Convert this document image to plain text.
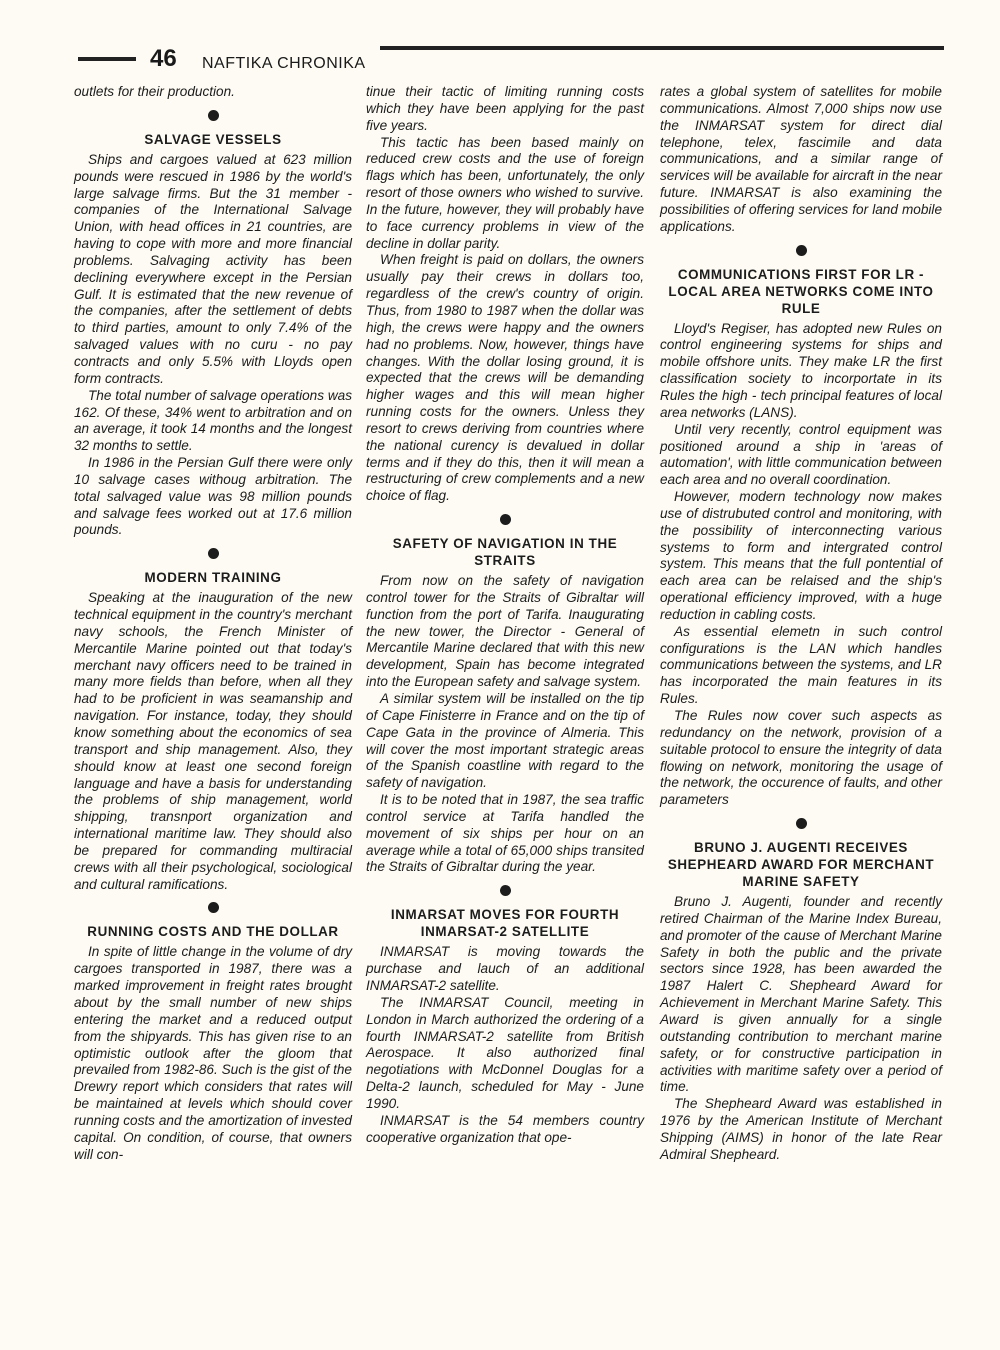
46 NAFTIKA CHRONIKA

outlets for their production.

SALVAGE VESSELS

Ships and cargoes valued at 623 million pounds were rescued in 1986 by the world's large salvage firms. But the 31 member - companies of the International Salvage Union, with head offices in 21 countries, are having to cope with more and more financial problems. Salvaging activity has been declining everywhere except in the Persian Gulf. It is estimated that the new revenue of the companies, after the settlement of debts to third parties, amount to only 7.4% of the salvaged values with no curu - no pay contracts and only 5.5% with Lloyds open form contracts.

The total number of salvage operations was 162. Of these, 34% went to arbitration and on an average, it took 14 months and the longest 32 months to settle.

In 1986 in the Persian Gulf there were only 10 salvage cases withoug arbitration. The total salvaged value was 98 million pounds and salvage fees worked out at 17.6 million pounds.

MODERN TRAINING

Speaking at the inauguration of the new technical equipment in the country's merchant navy schools, the French Minister of Mercantile Marine pointed out that today's merchant navy officers need to be trained in many more fields than before, when all they had to be proficient in was seamanship and navigation. For instance, today, they should know something about the economics of sea transport and ship management. Also, they should know at least one second foreign language and have a basis for understanding the problems of ship management, world shipping, transnport organization and international maritime law. They should also be prepared for commanding multiracial crews with all their psychological, sociological and cultural ramifications.

RUNNING COSTS AND THE DOLLAR

In spite of little change in the volume of dry cargoes transported in 1987, there was a marked improvement in freight rates brought about by the small number of new ships entering the market and a reduced output from the shipyards. This has given rise to an optimistic outlook after the gloom that prevailed from 1982-86. Such is the gist of the Drewry report which considers that rates will be maintained at levels which should cover running costs and the amortization of invested capital. On condition, of course, that owners will con-

tinue their tactic of limiting running costs which they have been applying for the past five years.

This tactic has been based mainly on reduced crew costs and the use of foreign flags which has been, unfortunately, the only resort of those owners who wished to survive. In the future, however, they will probably have to face currency problems in view of the decline in dollar parity.

When freight is paid on dollars, the owners usually pay their crews in dollars too, regardless of the crew's country of origin. Thus, from 1980 to 1987 when the dollar was high, the crews were happy and the owners had no problems. Now, however, things have changes. With the dollar losing ground, it is expected that the crews will be demanding higher wages and this will mean higher running costs for the owners. Unless they resort to crews deriving from countries where the national curency is devalued in dollar terms and if they do this, then it will mean a restructuring of crew complements and a new choice of flag.

SAFETY OF NAVIGATION IN THE STRAITS

From now on the safety of navigation control tower for the Straits of Gibraltar will function from the port of Tarifa. Inaugurating the new tower, the Director - General of Mercantile Marine declared that with this new development, Spain has become integrated into the European safety and salvage system.

A similar system will be installed on the tip of Cape Finisterre in France and on the tip of Cape Gata in the province of Almeria. This will cover the most important strategic areas of the Spanish coastline with regard to the safety of navigation.

It is to be noted that in 1987, the sea traffic control service at Tarifa handled the movement of six ships per hour on an average while a total of 65,000 ships transited the Straits of Gibraltar during the year.

INMARSAT MOVES FOR FOURTH INMARSAT-2 SATELLITE

INMARSAT is moving towards the purchase and lauch of an additional INMARSAT-2 satellite.

The INMARSAT Council, meeting in London in March authorized the ordering of a fourth INMARSAT-2 satellite from British Aerospace. It also authorized final negotiations with McDonnel Douglas for a Delta-2 launch, scheduled for May - June 1990.

INMARSAT is the 54 members country cooperative organization that ope-

rates a global system of satellites for mobile communications. Almost 7,000 ships now use the INMARSAT system for direct dial telephone, telex, fascimile and data communications, and a similar range of services will be available for aircraft in the near future. INMARSAT is also examining the possibilities of offering services for land mobile applications.

COMMUNICATIONS FIRST FOR LR - LOCAL AREA NETWORKS COME INTO RULE

Lloyd's Regiser, has adopted new Rules on control engineering systems for ships and mobile offshore units. They make LR the first classification society to incorportate in its Rules the high - tech principal features of local area networks (LANS).

Until very recently, control equipment was positioned around a ship in 'areas of automation', with little communication between each area and no overall coordination.

However, modern technology now makes use of distrubuted control and monitoring, with the possibility of interconnecting various systems to form and intergrated control system. This means that the full pontential of each area can be relaised and the ship's operational efficiency improved, with a huge reduction in cabling costs.

As essential elemetn in such control configurations is the LAN which handles communications between the systems, and LR has incorporated the main features in its Rules.

The Rules now cover such aspects as redundancy on the network, provision of a suitable protocol to ensure the integrity of data flowing on network, monitoring the usage of the network, the occurence of faults, and other parameters

BRUNO J. AUGENTI RECEIVES SHEPHEARD AWARD FOR MERCHANT MARINE SAFETY

Bruno J. Augenti, founder and recently retired Chairman of the Marine Index Bureau, and promoter of the cause of Merchant Marine Safety in both the public and the private sectors since 1928, has been awarded the 1987 Halert C. Shepheard Award for Achievement in Merchant Marine Safety. This Award is given annually for a single outstanding contribution to merchant marine safety, or for constructive participation in activities with maritime safety over a period of time.

The Shepheard Award was established in 1976 by the American Institute of Merchant Shipping (AIMS) in honor of the late Rear Admiral Shepheard.
